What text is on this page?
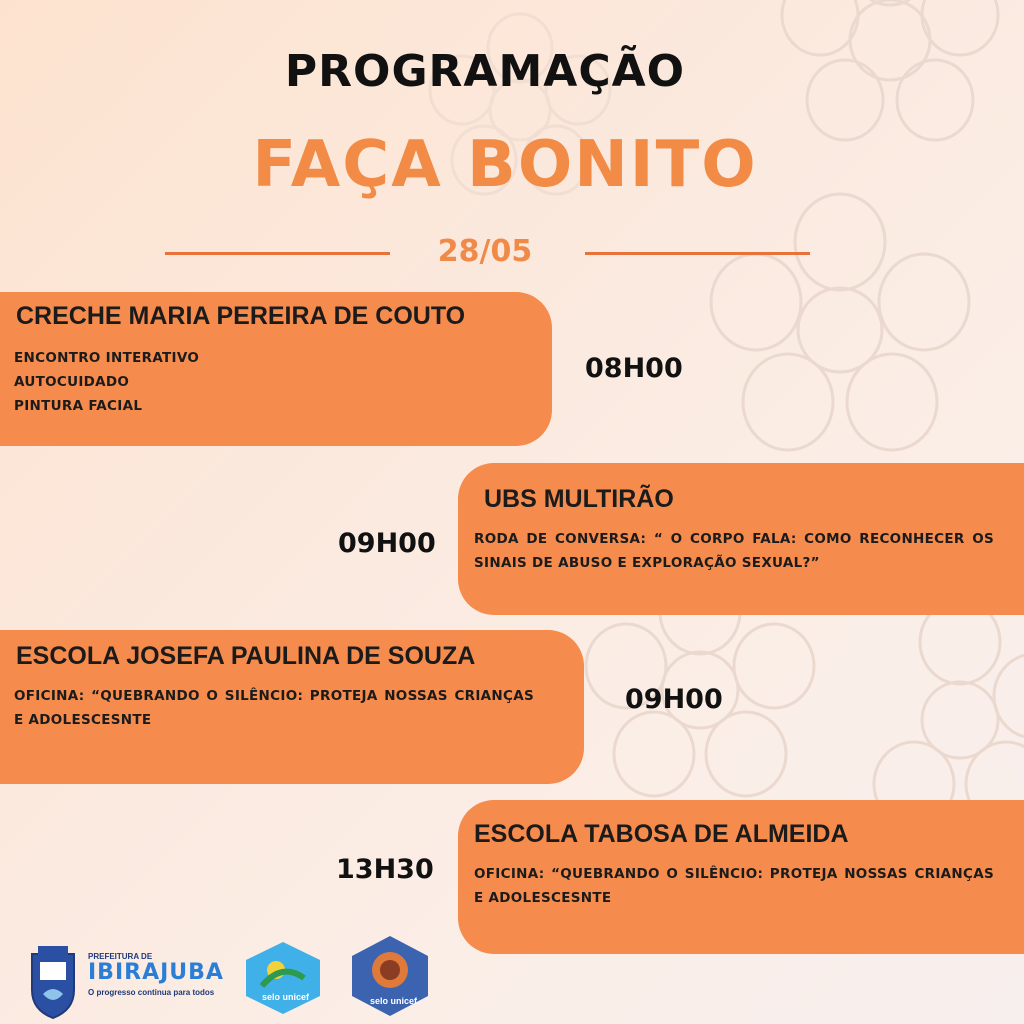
PROGRAMAÇÃO
FAÇA BONITO
28/05
CRECHE MARIA PEREIRA DE COUTO
ENCONTRO INTERATIVO
AUTOCUIDADO
PINTURA FACIAL
08H00
UBS MULTIRÃO
RODA DE CONVERSA: “ O CORPO FALA: COMO RECONHECER OS SINAIS DE ABUSO E EXPLORAÇÃO SEXUAL?”
09H00
ESCOLA JOSEFA PAULINA DE SOUZA
OFICINA: “QUEBRANDO O SILÊNCIO: PROTEJA NOSSAS CRIANÇAS E ADOLESCESNTE
09H00
ESCOLA TABOSA DE ALMEIDA
OFICINA: “QUEBRANDO O SILÊNCIO: PROTEJA NOSSAS CRIANÇAS E ADOLESCESNTE
13H30
PREFEITURA DE
IBIRAJUBA
O progresso continua para todos	selo unicef	selo unicef
